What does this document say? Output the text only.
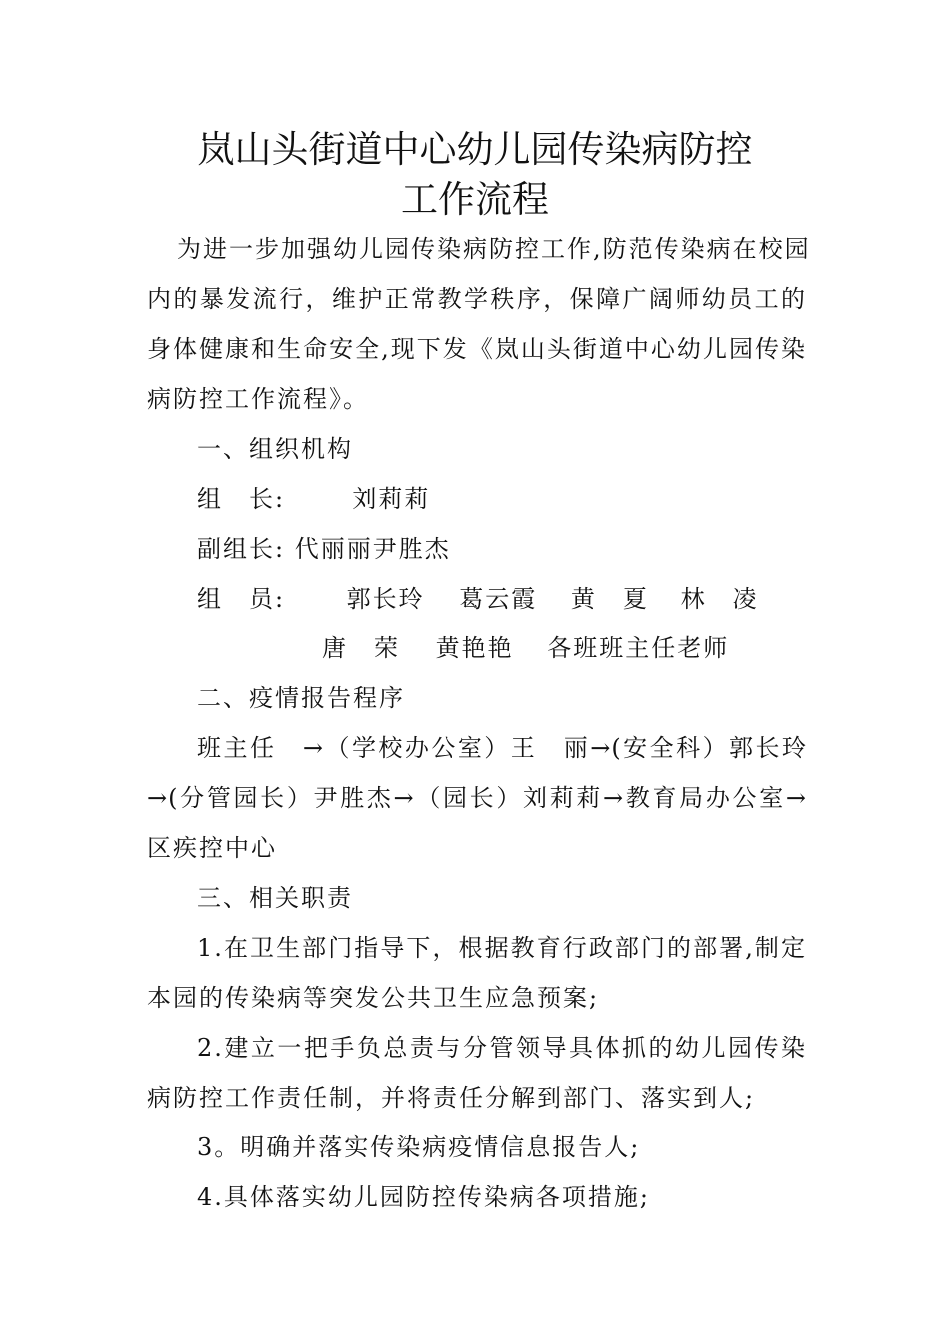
岚山头街道中心幼儿园传染病防控
工作流程
为进一步加强幼儿园传染病防控工作,防范传染病在校园
内的暴发流行，维护正常教学秩序，保障广阔师幼员工的
身体健康和生命安全,现下发《岚山头街道中心幼儿园传染
病防控工作流程》。
一、组织机构
组　长:	刘莉莉
副组长: 代丽丽尹胜杰
组　员:	郭长玲 葛云霞 黄　夏 林　凌
唐　荣 黄艳艳 各班班主任老师
二、疫情报告程序
班主任　→（学校办公室）王　丽→(安全科）郭长玲
→(分管园长）尹胜杰→（园长）刘莉莉→教育局办公室→
区疾控中心
三、相关职责
1.在卫生部门指导下，根据教育行政部门的部署,制定
本园的传染病等突发公共卫生应急预案;
2.建立一把手负总责与分管领导具体抓的幼儿园传染
病防控工作责任制，并将责任分解到部门、落实到人;
3。明确并落实传染病疫情信息报告人;
4.具体落实幼儿园防控传染病各项措施;
